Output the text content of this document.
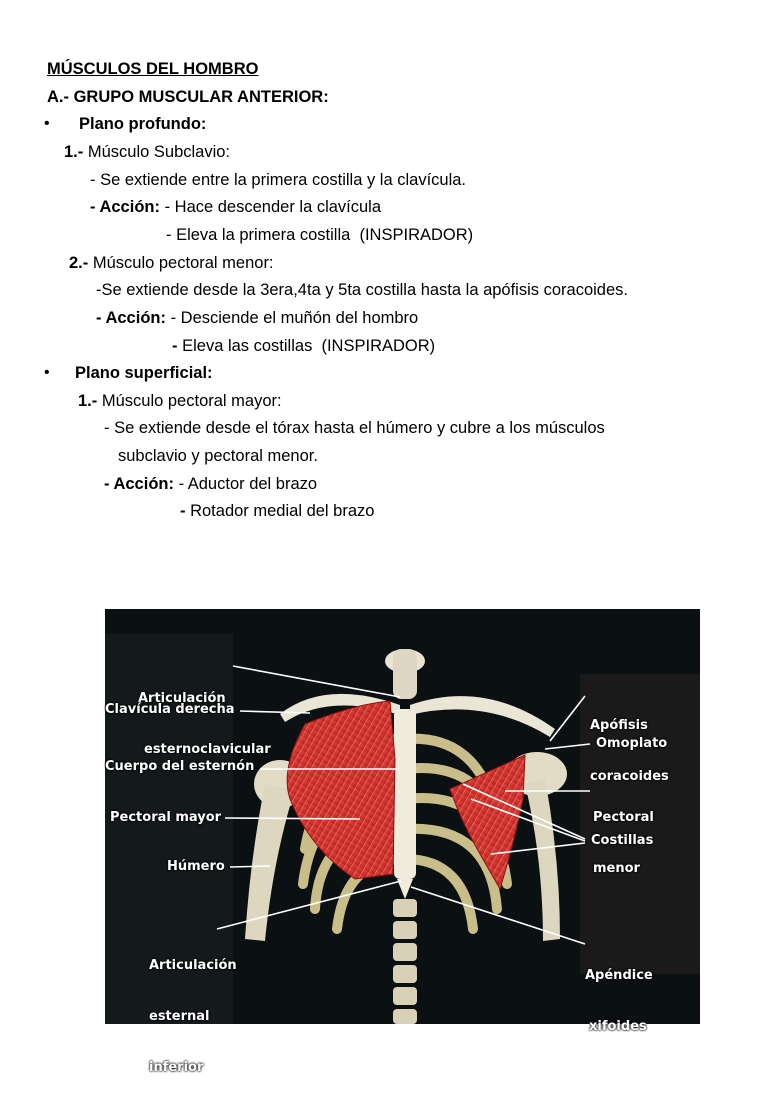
MÚSCULOS DEL HOMBRO
A.- GRUPO MUSCULAR ANTERIOR:
• Plano profundo:
1.- Músculo Subclavio:
- Se extiende entre la primera costilla y la clavícula.
- Acción: - Hace descender la clavícula
- Eleva la primera costilla  (INSPIRADOR)
2.- Músculo pectoral menor:
-Se extiende desde la 3era,4ta y 5ta costilla hasta la apófisis coracoides.
- Acción: - Desciende el muñón del hombro
- Eleva las costillas  (INSPIRADOR)
• Plano superficial:
1.- Músculo pectoral mayor:
- Se extiende desde el tórax hasta el húmero y cubre a los músculos
subclavio y pectoral menor.
- Acción: - Aductor del brazo
- Rotador medial del brazo

Articulación

esternoclavicular

Clavícula derecha
Cuerpo del esternón
Pectoral mayor
Húmero

Articulación

esternal

inferior

Apófisis

coracoides

Omoplato

Pectoral

menor

Costillas

Apéndice

xifoides
